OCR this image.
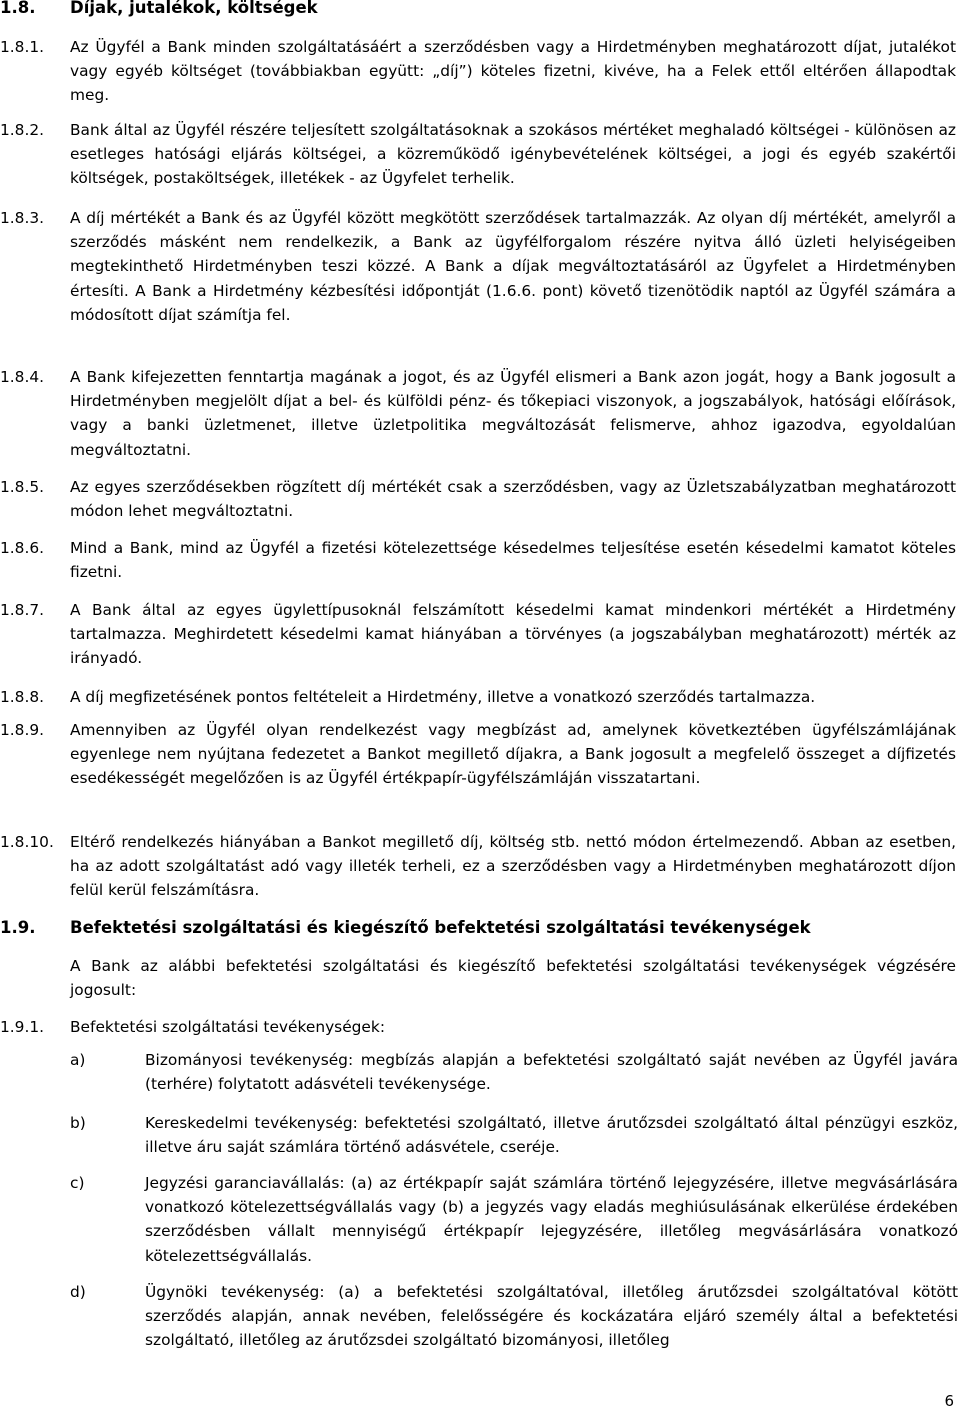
1.8. Díjak, jutalékok, költségek
1.8.1. Az Ügyfél a Bank minden szolgáltatásáért a szerződésben vagy a Hirdetményben meghatározott díjat, jutalékot vagy egyéb költséget (továbbiakban együtt: „díj”) köteles fizetni, kivéve, ha a Felek ettől eltérően állapodtak meg.
1.8.2. Bank által az Ügyfél részére teljesített szolgáltatásoknak a szokásos mértéket meghaladó költségei - különösen az esetleges hatósági eljárás költségei, a közreműködő igénybevételének költségei, a jogi és egyéb szakértői költségek, postaköltségek, illetékek - az Ügyfelet terhelik.
1.8.3. A díj mértékét a Bank és az Ügyfél között megkötött szerződések tartalmazzák. Az olyan díj mértékét, amelyről a szerződés másként nem rendelkezik, a Bank az ügyfélforgalom részére nyitva álló üzleti helyiségeiben megtekinthető Hirdetményben teszi közzé. A Bank a díjak megváltoztatásáról az Ügyfelet a Hirdetményben értesíti. A Bank a Hirdetmény kézbesítési időpontját (1.6.6. pont) követő tizenötödik naptól az Ügyfél számára a módosított díjat számítja fel.
1.8.4. A Bank kifejezetten fenntartja magának a jogot, és az Ügyfél elismeri a Bank azon jogát, hogy a Bank jogosult a Hirdetményben megjelölt díjat a bel- és külföldi pénz- és tőkepiaci viszonyok, a jogszabályok, hatósági előírások, vagy a banki üzletmenet, illetve üzletpolitika megváltozását felismerve, ahhoz igazodva, egyoldalúan megváltoztatni.
1.8.5. Az egyes szerződésekben rögzített díj mértékét csak a szerződésben, vagy az Üzletszabályzatban meghatározott módon lehet megváltoztatni.
1.8.6. Mind a Bank, mind az Ügyfél a fizetési kötelezettsége késedelmes teljesítése esetén késedelmi kamatot köteles fizetni.
1.8.7. A Bank által az egyes ügylettípusoknál felszámított késedelmi kamat mindenkori mértékét a Hirdetmény tartalmazza. Meghirdetett késedelmi kamat hiányában a törvényes (a jogszabályban meghatározott) mérték az irányadó.
1.8.8. A díj megfizetésének pontos feltételeit a Hirdetmény, illetve a vonatkozó szerződés tartalmazza.
1.8.9. Amennyiben az Ügyfél olyan rendelkezést vagy megbízást ad, amelynek következtében ügyfélszámlájának egyenlege nem nyújtana fedezetet a Bankot megillető díjakra, a Bank jogosult a megfelelő összeget a díjfizetés esedékességét megelőzően is az Ügyfél értékpapír-ügyfélszámláján visszatartani.
1.8.10. Eltérő rendelkezés hiányában a Bankot megillető díj, költség stb. nettó módon értelmezendő. Abban az esetben, ha az adott szolgáltatást adó vagy illeték terheli, ez a szerződésben vagy a Hirdetményben meghatározott díjon felül kerül felszámításra.
1.9. Befektetési szolgáltatási és kiegészítő befektetési szolgáltatási tevékenységek
A Bank az alábbi befektetési szolgáltatási és kiegészítő befektetési szolgáltatási tevékenységek végzésére jogosult:
1.9.1. Befektetési szolgáltatási tevékenységek:
a)	Bizományosi tevékenység: megbízás alapján a befektetési szolgáltató saját nevében az Ügyfél javára (terhére) folytatott adásvételi tevékenysége.
b)	Kereskedelmi tevékenység: befektetési szolgáltató, illetve árutőzsdei szolgáltató által pénzügyi eszköz, illetve áru saját számlára történő adásvétele, cseréje.
c)	Jegyzési garanciavállalás: (a) az értékpapír saját számlára történő lejegyzésére, illetve megvásárlására vonatkozó kötelezettségvállalás vagy (b) a jegyzés vagy eladás meghiúsulásának elkerülése érdekében szerződésben vállalt mennyiségű értékpapír lejegyzésére, illetőleg megvásárlására vonatkozó kötelezettségvállalás.
d)	Ügynöki tevékenység: (a) a befektetési szolgáltatóval, illetőleg árutőzsdei szolgáltatóval kötött szerződés alapján, annak nevében, felelősségére és kockázatára eljáró személy által a befektetési szolgáltató, illetőleg az árutőzsdei szolgáltató bizományosi, illetőleg
6
